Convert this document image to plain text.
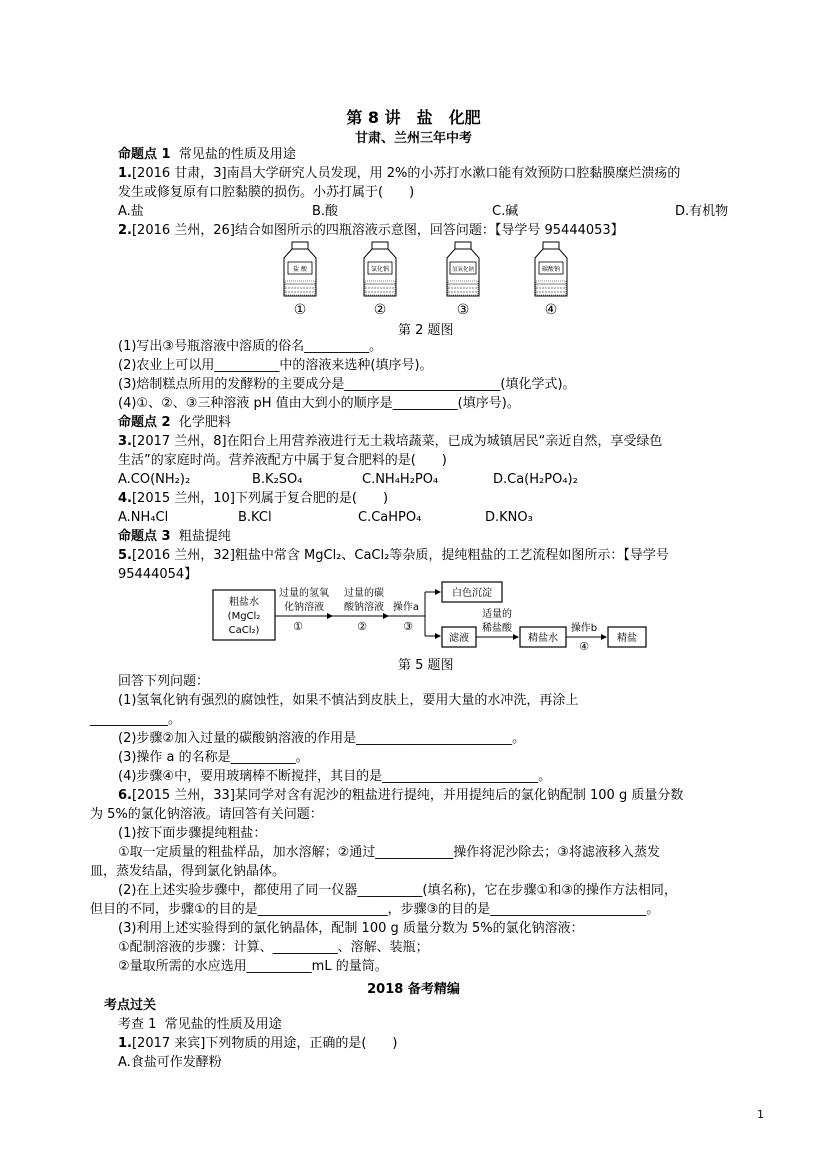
第 8 讲　盐　化肥
甘肃、兰州三年中考
命题点 1 常见盐的性质及用途
1.[2016 甘肃，3]南昌大学研究人员发现，用 2%的小苏打水漱口能有效预防口腔黏膜糜烂溃疡的
发生或修复原有口腔黏膜的损伤。小苏打属于(　　)
A.盐	B.酸	C.碱	D.有机物
2.[2016 兰州，26]结合如图所示的四瓶溶液示意图，回答问题：【导学号 95444053】
盐 酸
①
氯化钠
②
氢氧化钠
③
碳酸钠
④
第 2 题图
(1)写出③号瓶溶液中溶质的俗名__________。
(2)农业上可以用__________中的溶液来选种(填序号)。
(3)焙制糕点所用的发酵粉的主要成分是________________________(填化学式)。
(4)①、②、③三种溶液 pH 值由大到小的顺序是__________(填序号)。
命题点 2 化学肥料
3.[2017 兰州，8]在阳台上用营养液进行无土栽培蔬菜，已成为城镇居民“亲近自然，享受绿色
生活”的家庭时尚。营养液配方中属于复合肥料的是(　　)
A.CO(NH₂)₂	B.K₂SO₄	C.NH₄H₂PO₄	D.Ca(H₂PO₄)₂
4.[2015 兰州，10]下列属于复合肥的是(　　)
A.NH₄Cl	B.KCl	C.CaHPO₄	D.KNO₃
命题点 3 粗盐提纯
5.[2016 兰州，32]粗盐中常含 MgCl₂、CaCl₂等杂质，提纯粗盐的工艺流程如图所示：【导学号
95444054】
粗盐水
(MgCl₂
CaCl₂)
过量的氢氧
化钠溶液
①
过量的碳
酸钠溶液
②
操作a
③
白色沉淀
滤液
适量的
稀盐酸
精盐水
操作b
④
精盐
第 5 题图
回答下列问题：
(1)氢氧化钠有强烈的腐蚀性，如果不慎沾到皮肤上，要用大量的水冲洗，再涂上
____________。
(2)步骤②加入过量的碳酸钠溶液的作用是________________________。
(3)操作 a 的名称是__________。
(4)步骤④中，要用玻璃棒不断搅拌，其目的是________________________。
6.[2015 兰州，33]某同学对含有泥沙的粗盐进行提纯，并用提纯后的氯化钠配制 100 g 质量分数
为 5%的氯化钠溶液。请回答有关问题：
(1)按下面步骤提纯粗盐：
①取一定质量的粗盐样品，加水溶解；②通过____________操作将泥沙除去；③将滤液移入蒸发
皿，蒸发结晶，得到氯化钠晶体。
(2)在上述实验步骤中，都使用了同一仪器__________(填名称)，它在步骤①和③的操作方法相同，
但目的不同，步骤①的目的是____________________，步骤③的目的是________________________。
(3)利用上述实验得到的氯化钠晶体，配制 100 g 质量分数为 5%的氯化钠溶液：
①配制溶液的步骤：计算、__________、溶解、装瓶；
②量取所需的水应选用__________mL 的量筒。
2018 备考精编
考点过关
考查 1 常见盐的性质及用途
1.[2017 来宾]下列物质的用途，正确的是(　　)
A.食盐可作发酵粉
1
